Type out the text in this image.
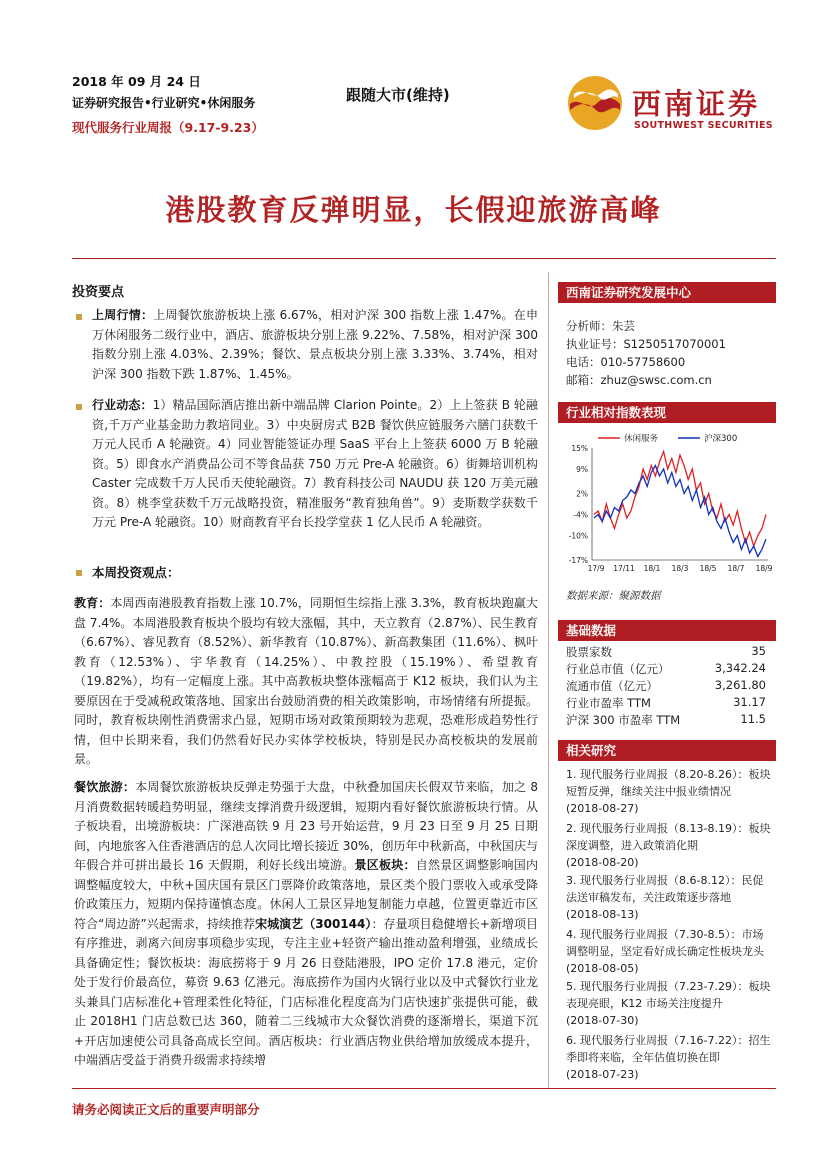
2018 年 09 月 24 日
证券研究报告•行业研究•休闲服务
现代服务行业周报（9.17-9.23）
跟随大市(维持)	西南证券
SOUTHWEST SECURITIES
港股教育反弹明显，长假迎旅游高峰
投资要点

上周行情：上周餐饮旅游板块上涨 6.67%，相对沪深 300 指数上涨 1.47%。在申万休闲服务二级行业中，酒店、旅游板块分别上涨 9.22%、7.58%，相对沪深 300 指数分别上涨 4.03%、2.39%；餐饮、景点板块分别上涨 3.33%、3.74%，相对沪深 300 指数下跌 1.87%、1.45%。

行业动态：1）精品国际酒店推出新中端品牌 Clarion Pointe。2）上上签获 B 轮融资,千万产业基金助力教培同业。3）中央厨房式 B2B 餐饮供应链服务六膳门获数千万元人民币 A 轮融资。4）同业智能签证办理 SaaS 平台上上签获 6000 万 B 轮融资。5）即食水产消费品公司不等食品获 750 万元 Pre-A 轮融资。6）街舞培训机构 Caster 完成数千万人民币天使轮融资。7）教育科技公司 NAUDU 获 120 万美元融资。8）桃李堂获数千万元战略投资，精准服务“教育独角兽”。9）麦斯数学获数千万元 Pre-A 轮融资。10）财商教育平台长投学堂获 1 亿人民币 A 轮融资。

本周投资观点：

教育：本周西南港股教育指数上涨 10.7%，同期恒生综指上涨 3.3%，教育板块跑赢大盘 7.4%。本周港股教育板块个股均有较大涨幅，其中，天立教育（2.87%）、民生教育（6.67%）、睿见教育（8.52%）、新华教育（10.87%）、新高教集团（11.6%）、枫叶教育（12.53%）、宇华教育（14.25%）、中教控股（15.19%）、希望教育（19.82%），均有一定幅度上涨。其中高教板块整体涨幅高于 K12 板块，我们认为主要原因在于受减税政策落地、国家出台鼓励消费的相关政策影响，市场情绪有所提振。同时，教育板块刚性消费需求凸显，短期市场对政策预期较为悲观，恐难形成趋势性行情，但中长期来看，我们仍然看好民办实体学校板块，特别是民办高校板块的发展前景。

餐饮旅游：本周餐饮旅游板块反弹走势强于大盘，中秋叠加国庆长假双节来临，加之 8 月消费数据转暖趋势明显，继续支撑消费升级逻辑，短期内看好餐饮旅游板块行情。从子板块看，出境游板块：广深港高铁 9 月 23 号开始运营，9 月 23 日至 9 月 25 日期间，内地旅客入住香港酒店的总人次同比增长接近 30%，创历年中秋新高，中秋国庆与年假合并可拼出最长 16 天假期，利好长线出境游。景区板块：自然景区调整影响国内调整幅度较大，中秋+国庆国有景区门票降价政策落地，景区类个股门票收入或承受降价政策压力，短期内保持谨慎态度。休闲人工景区异地复制能力卓越，位置更靠近市区符合“周边游”兴起需求，持续推荐宋城演艺（300144）：存量项目稳健增长+新增项目有序推进，剥离六间房事项稳步实现，专注主业+轻资产输出推动盈利增强，业绩成长具备确定性；餐饮板块：海底捞将于 9 月 26 日登陆港股，IPO 定价 17.8 港元，定价处于发行价最高位，募资 9.63 亿港元。海底捞作为国内火锅行业以及中式餐饮行业龙头兼具门店标准化+管理柔性化特征，门店标准化程度高为门店快速扩张提供可能，截止 2018H1 门店总数已达 360，随着二三线城市大众餐饮消费的逐渐增长，渠道下沉+开店加速使公司具备高成长空间。酒店板块：行业酒店物业供给增加放缓成本提升，中端酒店受益于消费升级需求持续增

西南证券研究发展中心
分析师：朱芸
执业证号：S1250517070001
电话：010-57758600
邮箱：zhuz@swsc.com.cn
行业相对指数表现
休闲服务	沪深300
15%
9%
2%
-4%
-10%
-17%
17/9 17/11 18/1 18/3 18/5 18/7 18/9
数据来源：聚源数据
基础数据
股票家数	35
行业总市值（亿元）	3,342.24
流通市值（亿元）	3,261.80
行业市盈率 TTM	31.17
沪深 300 市盈率 TTM	11.5
相关研究

1. 现代服务行业周报（8.20-8.26）：板块短暂反弹，继续关注中报业绩情况
(2018-08-27)

2. 现代服务行业周报（8.13-8.19）：板块深度调整，进入政策消化期
(2018-08-20)

3. 现代服务行业周报（8.6-8.12）：民促法送审稿发布，关注政策逐步落地
(2018-08-13)

4. 现代服务行业周报（7.30-8.5）：市场调整明显，坚定看好成长确定性板块龙头
(2018-08-05)

5. 现代服务行业周报（7.23-7.29）：板块表现亮眼，K12 市场关注度提升
(2018-07-30)

6. 现代服务行业周报（7.16-7.22）：招生季即将来临，全年估值切换在即
(2018-07-23)

请务必阅读正文后的重要声明部分
